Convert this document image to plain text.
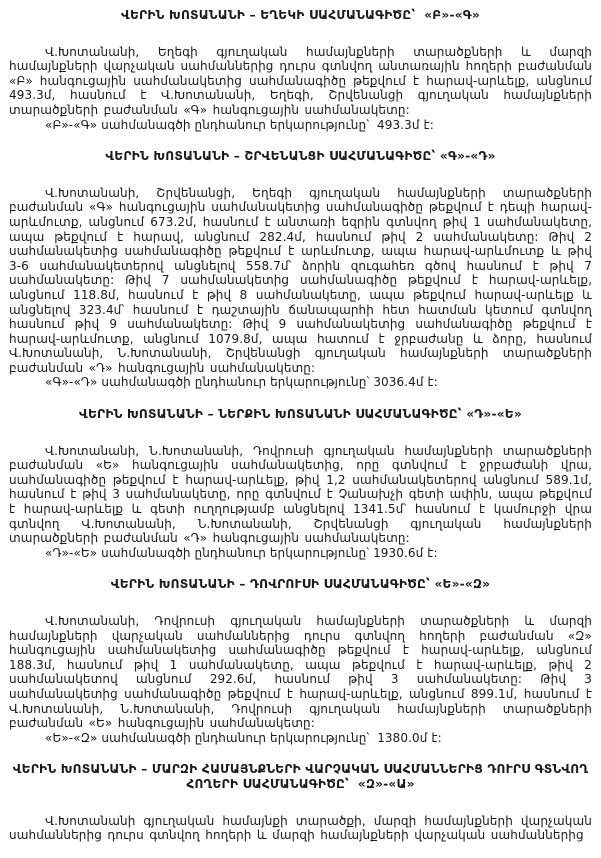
ՎԵՐԻՆ ԽՈՏԱՆԱՆԻ – ԵՂԵԿԻ ՍԱՀՄԱՆԱԳԻԾԸ՝  «Բ»-«Գ»

Վ.Խոտանանի, Եղեգի գյուղական համայնքների տարածքների և մարզի համայնքների վարչական սահմաններից դուրս գտնվող անտառային հողերի բաժանման «Բ» հանգուցային սահմանակետից սահմանագիծը թեքվում է հարավ-արևելք, անցնում 493.3մ, հասնում է Վ.Խոտանանի, Եղեգի, Շրվենանցի գյուղական համայնքների տարածքների բաժանման «Գ» հանգուցային սահմանակետը:

«Բ»-«Գ» սահմանագծի ընդհանուր երկարությունը՝  493.3մ է:

ՎԵՐԻՆ ԽՈՏԱՆԱՆԻ – ՇՐՎԵՆԱՆՑԻ ՍԱՀՄԱՆԱԳԻԾԸ՝ «Գ»-«Դ»

Վ.Խոտանանի, Շրվենանցի, Եղեգի գյուղական համայնքների տարածքների բաժանման «Գ» հանգուցային սահմանակետից սահմանագիծը թեքվում է դեպի հարավ-արևմուտք, անցնում 673.2մ, հասնում է անտառի եզրին գտնվող թիվ 1 սահմանակետը, ապա թեքվում է հարավ, անցնում 282.4մ, հասնում թիվ 2 սահմանակետը: Թիվ 2 սահմանակետից սահմանագիծը թեքվում է արևմուտք, ապա հարավ-արևմուտք և թիվ 3-6 սահմանակետերով անցնելով 558.7մ՝ ձորին զուգահեռ գծով հասնում է թիվ 7 սահմանակետը: Թիվ 7 սահմանակետից սահմանագիծը թեքվում է հարավ-արևելք, անցնում 118.8մ, հասնում է թիվ 8 սահմանակետը, ապա թեքվում հարավ-արևելք և անցնելով 323.4մ՝ հասնում է դաշտային ճանապարհի հետ հատման կետում գտնվող հասնում թիվ 9 սահմանակետը: Թիվ 9 սահմանակետից սահմանագիծը թեքվում է հարավ-արևմուտք, անցնում 1079.8մ, ապա հատում է ջրբաժանը և ձորը, հասնում Վ.Խոտանանի, Ն.Խոտանանի, Շրվենանցի գյուղական համայնքների տարածքների բաժանման «Դ» հանգուցային սահմանակետը:

«Գ»-«Դ» սահմանագծի ընդհանուր երկարությունը՝ 3036.4մ է:

ՎԵՐԻՆ ԽՈՏԱՆԱՆԻ – ՆԵՐՔԻՆ ԽՈՏԱՆԱՆԻ ՍԱՀՄԱՆԱԳԻԾԸ՝ «Դ»-«Ե»

Վ.Խոտանանի, Ն.Խոտանանի, Դովրուսի գյուղական համայնքների տարածքների բաժանման «Ե» հանգուցային սահմանակետից, որը գտնվում է ջրբաժանի վրա, սահմանագիծը թեքվում է հարավ-արևելք, թիվ 1,2 սահմանակետերով անցնում 589.1մ, հասնում է թիվ 3 սահմանակետը, որը գտնվում է Չանախչի գետի ափին, ապա թեքվում է հարավ-արևելք և գետի ուղղությամբ անցնելով 1341.5մ՝ հասնում է կամուրջի վրա գտնվող Վ.Խոտանանի, Ն.Խոտանանի, Շրվենանցի գյուղական համայնքների տարածքների բաժանման «Դ» հանգուցային սահմանակետը:

«Դ»-«Ե» սահմանագծի ընդհանուր երկարությունը՝ 1930.6մ է:

ՎԵՐԻՆ ԽՈՏԱՆԱՆԻ – ԴՈՎՐՈՒՍԻ ՍԱՀՄԱՆԱԳԻԾԸ՝ «Ե»-«Զ»

Վ.Խոտանանի, Դովրուսի գյուղական համայնքների տարածքների և մարզի համայնքների վարչական սահմաններից դուրս գտնվող հողերի բաժանման «Զ» հանգուցային սահմանակետից սահմանագիծը թեքվում է հարավ-արևելք, անցնում 188.3մ, հասնում թիվ 1 սահմանակետը, ապա թեքվում է հարավ-արևելք, թիվ 2 սահմանակետով անցնում 292.6մ, հասնում թիվ 3 սահմանակետը: Թիվ 3 սահմանակետից սահմանագիծը թեքվում է հարավ-արևելք, անցնում 899.1մ, հասնում է Վ.Խոտանանի, Ն.Խոտանանի, Դովրուսի գյուղական համայնքների տարածքների բաժանման «Ե» հանգուցային սահմանակետը:

«Ե»-«Զ» սահմանագծի ընդհանուր երկարությունը՝  1380.0մ է:

ՎԵՐԻՆ ԽՈՏԱՆԱՆԻ – ՄԱՐԶԻ ՀԱՄԱՅՆՔՆԵՐԻ ՎԱՐՉԱԿԱՆ ՍԱՀՄԱՆՆԵՐԻՑ ԴՈՒՐՍ ԳՏՆՎՈՂ ՀՈՂԵՐԻ ՍԱՀՄԱՆԱԳԻԾԸ՝  «Զ»-«Ա»

Վ.Խոտանանի գյուղական համայնքի տարածքի, մարզի համայնքների վարչական սահմաններից դուրս գտնվող հողերի և մարզի համայնքների վարչական սահմաններից
